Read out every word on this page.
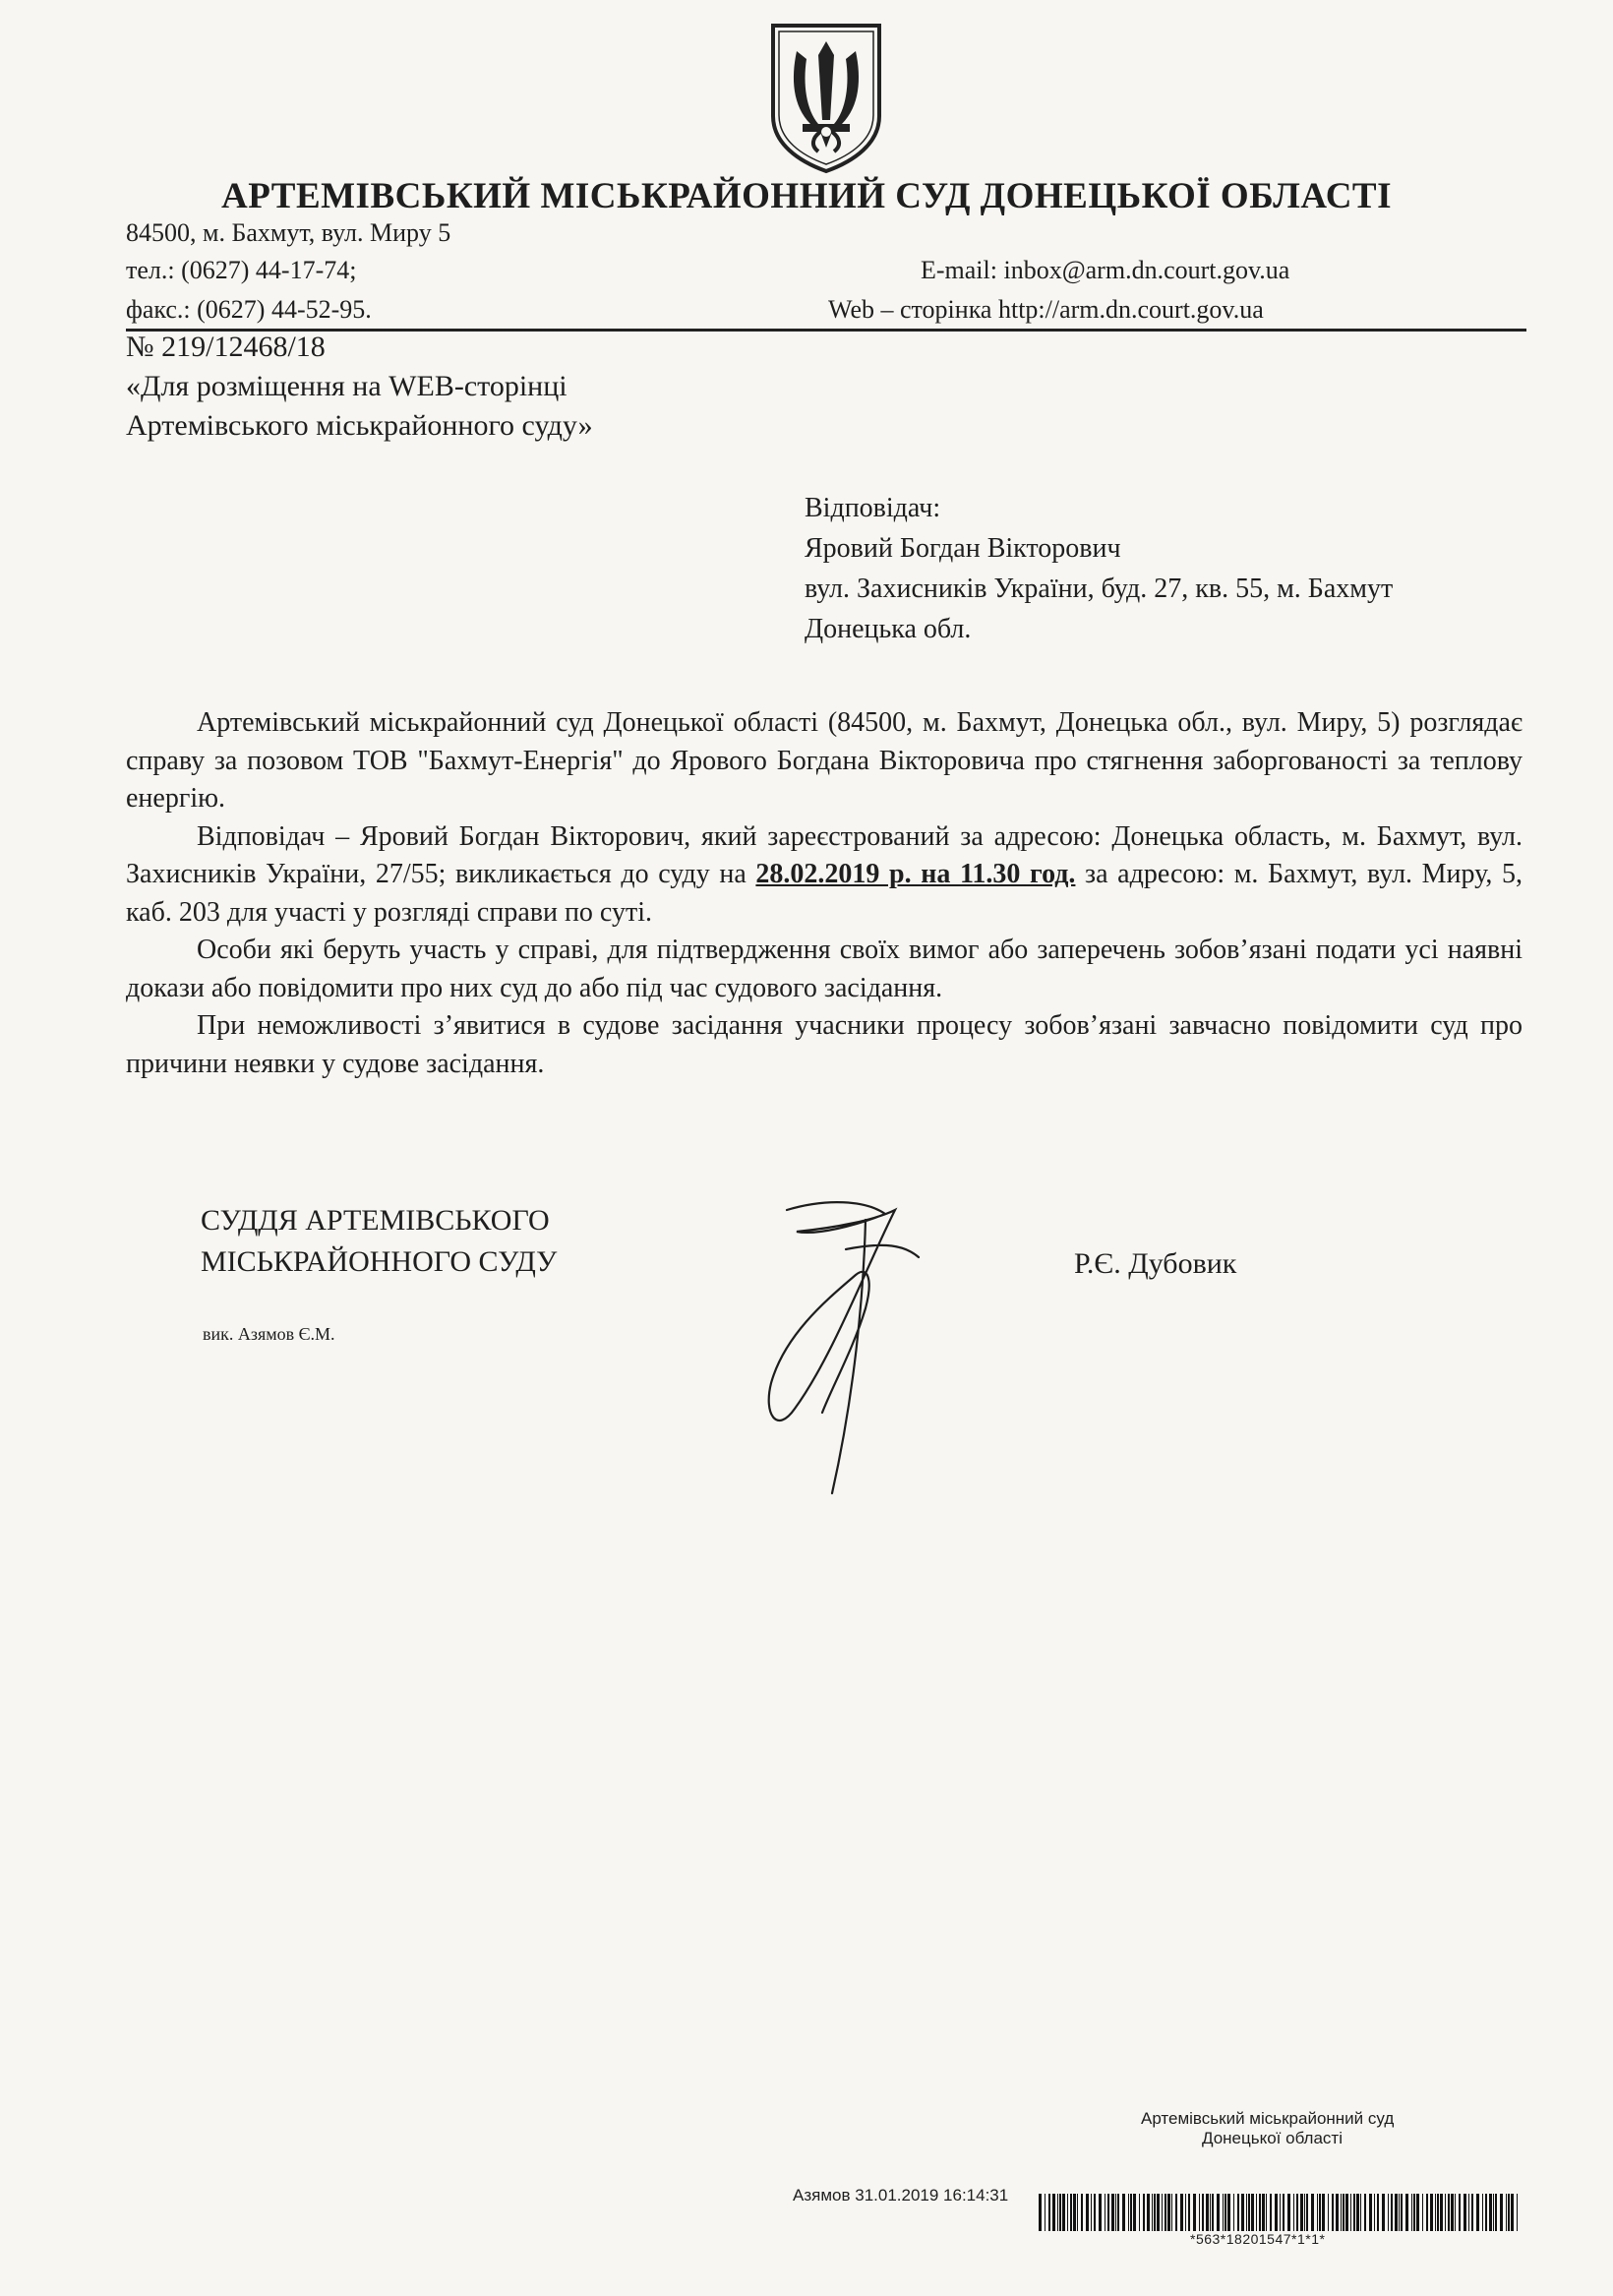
АРТЕМІВСЬКИЙ МІСЬКРАЙОННИЙ СУД ДОНЕЦЬКОЇ ОБЛАСТІ
84500, м. Бахмут, вул. Миру 5
тел.: (0627) 44-17-74;
факс.: (0627) 44-52-95.
E-mail: inbox@arm.dn.court.gov.ua
Web – сторінка http://arm.dn.court.gov.ua
№ 219/12468/18
«Для розміщення на WEB-сторінці
Артемівського міськрайонного суду»
Відповідач:
Яровий Богдан Вікторович
вул. Захисників України, буд. 27, кв. 55, м. Бахмут
Донецька обл.

Артемівський міськрайонний суд Донецької області (84500, м. Бахмут, Донецька обл., вул. Миру, 5) розглядає справу за позовом ТОВ "Бахмут-Енергія" до Ярового Богдана Вікторовича про стягнення заборгованості за теплову енергію.

Відповідач – Яровий Богдан Вікторович, який зареєстрований за адресою: Донецька область, м. Бахмут, вул. Захисників України, 27/55; викликається до суду на 28.02.2019 р. на 11.30 год. за адресою: м. Бахмут, вул. Миру, 5, каб. 203 для участі у розгляді справи по суті.

Особи які беруть участь у справі, для підтвердження своїх вимог або заперечень зобов’язані подати усі наявні докази або повідомити про них суд до або під час судового засідання.

При неможливості з’явитися в судове засідання учасники процесу зобов’язані завчасно повідомити суд про причини неявки у судове засідання.

СУДДЯ АРТЕМІВСЬКОГО
МІСЬКРАЙОННОГО СУДУ	Р.Є. Дубовик
вик. Азямов Є.М.
Артемівський міськрайонний суд
Донецької області
Азямов 31.01.2019 16:14:31
*563*18201547*1*1*
